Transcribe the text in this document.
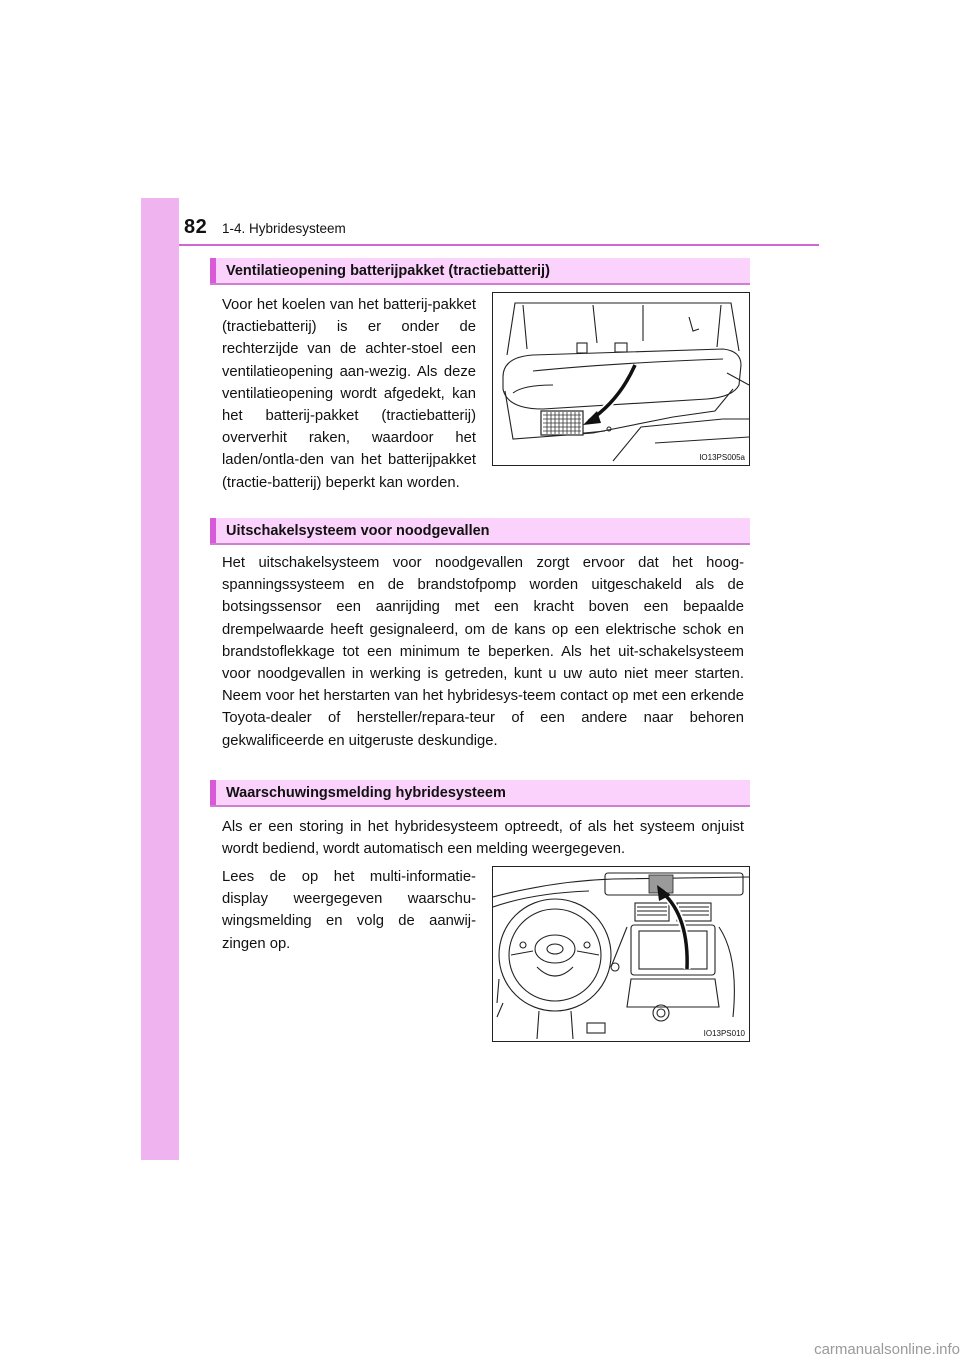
82 1-4. Hybridesysteem
Ventilatieopening batterijpakket (tractiebatterij)
Voor het koelen van het batterij-pakket (tractiebatterij) is er onder de rechterzijde van de achter-stoel een ventilatieopening aan-wezig. Als deze ventilatieopening wordt afgedekt, kan het batterij-pakket (tractiebatterij) oververhit raken, waardoor het laden/ontla-den van het batterijpakket (tractie-batterij) beperkt kan worden.
IO13PS005a
Uitschakelsysteem voor noodgevallen
Het uitschakelsysteem voor noodgevallen zorgt ervoor dat het hoog-spanningssysteem en de brandstofpomp worden uitgeschakeld als de botsingssensor een aanrijding met een kracht boven een bepaalde drempelwaarde heeft gesignaleerd, om de kans op een elektrische schok en brandstoflekkage tot een minimum te beperken. Als het uit-schakelsysteem voor noodgevallen in werking is getreden, kunt u uw auto niet meer starten. Neem voor het herstarten van het hybridesys-teem contact op met een erkende Toyota-dealer of hersteller/repara-teur of een andere naar behoren gekwalificeerde en uitgeruste deskundige.
Waarschuwingsmelding hybridesysteem
Als er een storing in het hybridesysteem optreedt, of als het systeem onjuist wordt bediend, wordt automatisch een melding weergegeven.
Lees de op het multi-informatie-display weergegeven waarschu-wingsmelding en volg de aanwij-zingen op.
IO13PS010
carmanualsonline.info
